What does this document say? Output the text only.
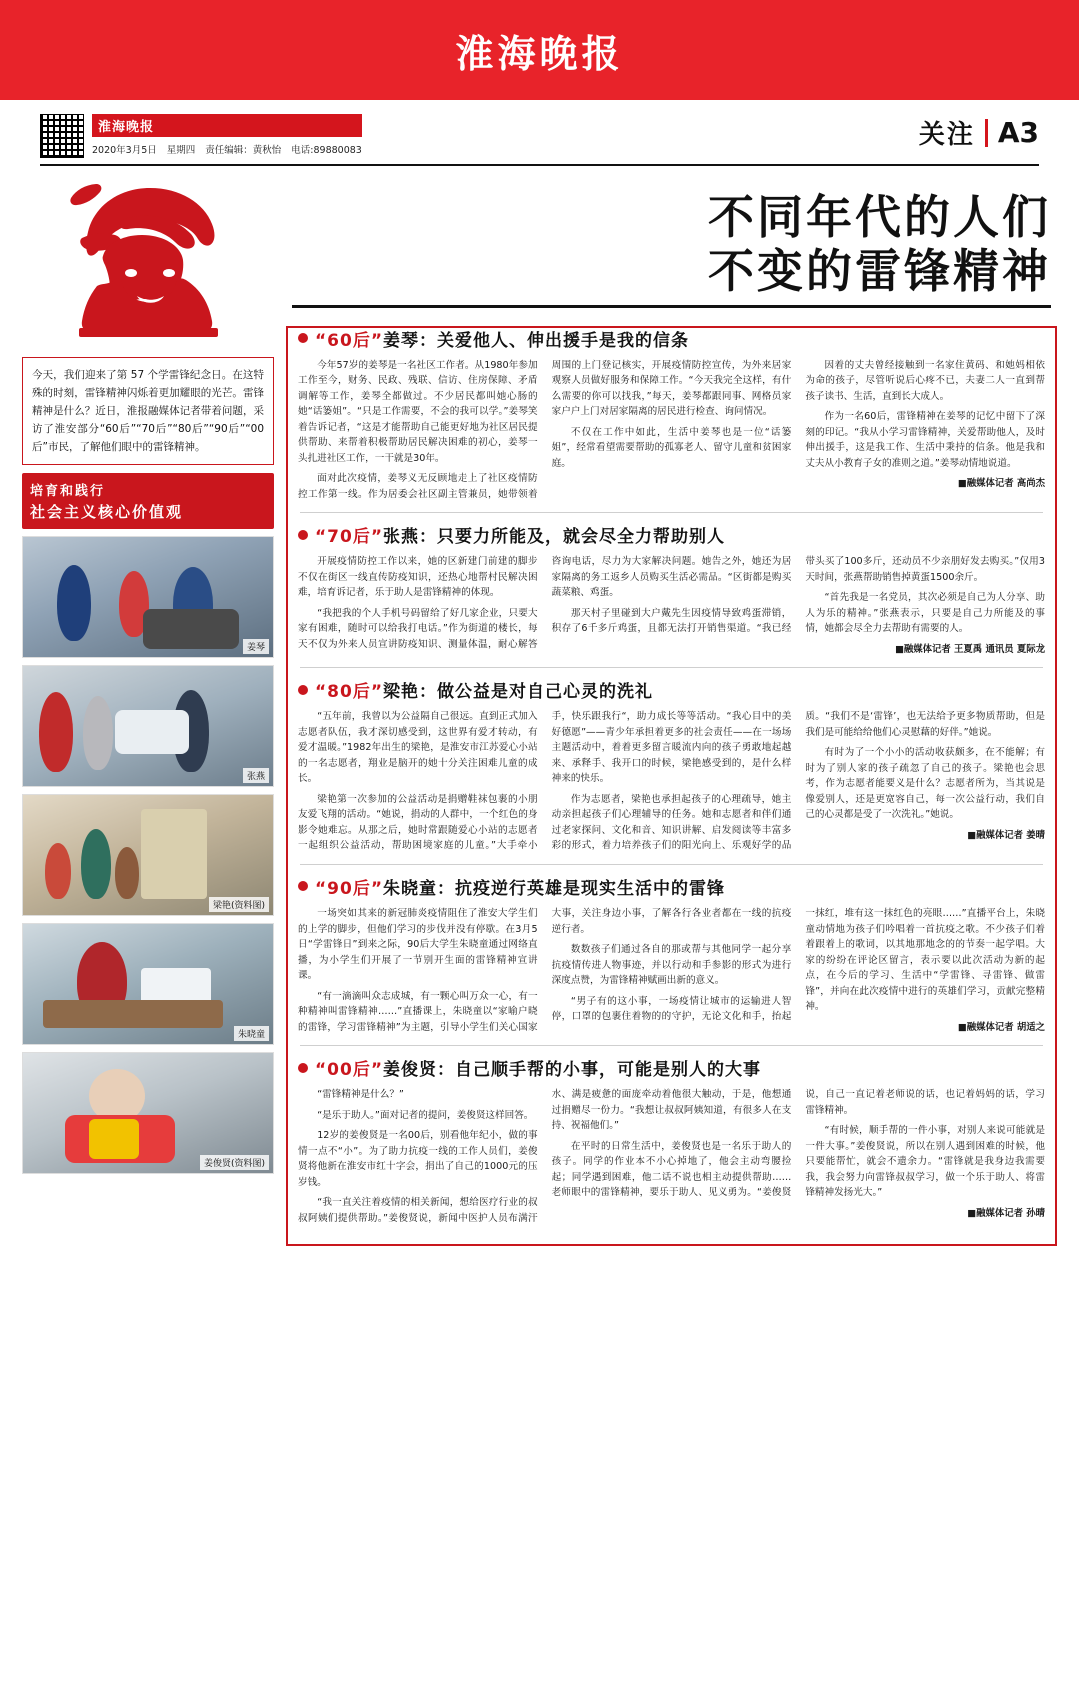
淮海晚报
淮海晚报
2020年3月5日 星期四 责任编辑：黄秋怡 电话:89880083
关注 A3
今天，我们迎来了第 57 个学雷锋纪念日。在这特殊的时刻，雷锋精神闪烁着更加耀眼的光芒。雷锋精神是什么？近日，淮报融媒体记者带着问题，采访了淮安部分“60后”“70后”“80后”“90后”“00后”市民，了解他们眼中的雷锋精神。
培育和践行
社会主义核心价值观
姜琴
张燕
梁艳(资料图)
朱晓童
姜俊贤(资料图)
不同年代的人们
不变的雷锋精神
“60后”姜琴：关爱他人、伸出援手是我的信条

今年57岁的姜琴是一名社区工作者。从1980年参加工作至今，财务、民政、残联、信访、住房保障、矛盾调解等工作，姜琴全都做过。不少居民都叫她心肠的她“话篓姐”。“只是工作需要，不会的我可以学。”姜琴笑着告诉记者，“这是才能帮助自己能更好地为社区居民提供帮助、来帮着积极帮助居民解决困难的初心，姜琴一头扎进社区工作，一干就是30年。

面对此次疫情，姜琴义无反顾地走上了社区疫情防控工作第一线。作为居委会社区副主管兼员，她带领着周围的上门登记核实，开展疫情防控宣传，为外来居家观察人员做好服务和保障工作。“今天我完全这样，有什么需要的你可以找我，”每天，姜琴都跟同事、网格员家家户户上门对居家隔离的居民进行检查、询问情况。

不仅在工作中如此，生活中姜琴也是一位“话篓姐”，经常看望需要帮助的孤寡老人、留守儿童和贫困家庭。

因着的丈夫曾经接触到一名家住黄码、和她妈相依为命的孩子，尽管听说后心疼不已，夫妻二人一直到帮孩子读书、生活，直到长大成人。

作为一名60后，雷锋精神在姜琴的记忆中留下了深刻的印记。“我从小学习雷锋精神，关爱帮助他人，及时伸出援手，这是我工作、生活中秉持的信条。他是我和丈夫从小教育子女的准则之道。”姜琴动情地说道。

■融媒体记者 高尚杰
“70后”张燕：只要力所能及，就会尽全力帮助别人

开展疫情防控工作以来，她的区新建门前建的脚步不仅在街区一线直传防疫知识，还热心地帮村民解决困难，培育诉记者，乐于助人是雷锋精神的体现。

“我把我的个人手机号码留给了好几家企业，只要大家有困难，随时可以给我打电话。”作为街道的楼长，每天不仅为外来人员宣讲防疫知识、测量体温，耐心解答咨询电话，尽力为大家解决问题。她告之外，她还为居家隔离的务工返乡人员购买生活必需品。“区街都是购买蔬菜粮、鸡蛋。

那天村子里碰到大户戴先生因疫情导致鸡蛋滞销，积存了6千多斤鸡蛋，且都无法打开销售渠道。“我已经带头买了100多斤，还动员不少亲朋好发去购买。”仅用3天时间，张燕帮助销售掉黄蛋1500余斤。

“首先我是一名党员，其次必须是自己为人分享、助人为乐的精神。”张燕表示，只要是自己力所能及的事情，她都会尽全力去帮助有需要的人。

■融媒体记者 王夏禹 通讯员 夏际龙
“80后”梁艳：做公益是对自己心灵的洗礼

“五年前，我曾以为公益隔自己很远。直到正式加入志愿者队伍，我才深切感受到，这世界有爱才转动，有爱才温暖。”1982年出生的梁艳，是淮安市江苏爱心小站的一名志愿者，翔业是脑开的她十分关注困难儿童的成长。

梁艳第一次参加的公益活动是捐赠鞋袜包裹的小朋友爱飞翔的活动。“她说，捐动的人群中，一个红色的身影令她难忘。从那之后，她时常跟随爱心小站的志愿者一起组织公益活动，帮助困境家庭的儿童。”大手牵小手，快乐跟我行“，助力成长等等活动。“我心目中的美好德愿”——青少年承担着更多的社会责任——在一场场主题活动中，着着更多留言暖流内向的孩子勇敢地起越来、承释手、我开口的时候，梁艳感受到的，是什么样神来的快乐。

作为志愿者，梁艳也承担起孩子的心理疏导，她主动亲担起孩子们心理辅导的任务。她和志愿者和伴们通过老家探问、文化和音、知识讲解、启发阅读等丰富多彩的形式，着力培养孩子们的阳光向上、乐观好学的品质。“我们不是‘雷锋’，也无法给予更多物质帮助，但是我们是可能给给他们心灵慰藉的好伴。”她说。

有时为了一个小小的活动收获颇多，在不能解；有时为了别人家的孩子疏忽了自己的孩子。梁艳也会思考，作为志愿者能要义是什么？志愿者所为，当其说是像爱别人，还是更宽容自己，每一次公益行动，我们自己的心灵都是受了一次洗礼。”她说。

■融媒体记者 姜晴
“90后”朱晓童：抗疫逆行英雄是现实生活中的雷锋

一场突如其来的新冠肺炎疫情阻住了淮安大学生们的上学的脚步，但他们学习的步伐并没有停歇。在3月5日“学雷锋日”到来之际，90后大学生朱晓童通过网络直播，为小学生们开展了一节别开生面的雷锋精神宣讲课。

“有一滴滴叫众志成城，有一颗心叫万众一心，有一种精神叫雷锋精神……”直播课上，朱晓童以“家喻户晓的雷锋，学习雷锋精神”为主题，引导小学生们关心国家大事，关注身边小事，了解各行各业者都在一线的抗疫逆行者。

数数孩子们通过各自的那或帮与其他同学一起分享抗疫情传进人物事迹，并以行动和手参影的形式为进行深度点赞，为雷锋精神赋画出新的意义。

“男子有的这小事，一场疫情让城市的运输进人智停，口罩的包裹住着物的的守护，无论文化和手，抬起一抹红，堆有这一抹红色的亮眼……”直播平台上，朱晓童动情地为孩子们吟唱着一首抗疫之歌。不少孩子们着着跟着上的歌词，以其地那地念的的节奏一起学唱。大家的纷纷在评论区留言，表示要以此次活动为新的起点，在今后的学习、生活中“学雷锋、寻雷锋、做雷锋”，并向在此次疫情中进行的英雄们学习，贡献完整精神。

■融媒体记者 胡适之
“00后”姜俊贤：自己顺手帮的小事，可能是别人的大事

“雷锋精神是什么？”

“是乐于助人。”面对记者的提问，姜俊贤这样回答。

12岁的姜俊贤是一名00后，别看他年纪小，做的事情一点不“小”。为了助力抗疫一线的工作人员们，姜俊贤将他新在淮安市红十字会，捐出了自己的1000元的压岁钱。

“我一直关注着疫情的相关新闻，想给医疗行业的叔叔阿姨们提供帮助。”姜俊贤说，新闻中医护人员布满汗水、满是疲惫的面庞牵动着他很大触动，于是，他想通过捐赠尽一份力。“我想让叔叔阿姨知道，有很多人在支持、祝福他们。”

在平时的日常生活中，姜俊贤也是一名乐于助人的孩子。同学的作业本不小心掉地了，他会主动弯腰捡起；同学遇到困难，他二话不说也相主动提供帮助……老师眼中的雷锋精神，要乐于助人、见义勇为。“姜俊贤说，自己一直记着老师说的话，也记着妈妈的话，学习雷锋精神。

“有时候，顺手帮的一件小事，对别人来说可能就是一件大事。”姜俊贤说，所以在别人遇到困难的时候，他只要能帮忙，就会不遗余力。“雷锋就是我身边我需要我，我会努力向雷锋叔叔学习，做一个乐于助人、将雷锋精神发扬光大。”

■融媒体记者 孙晴
